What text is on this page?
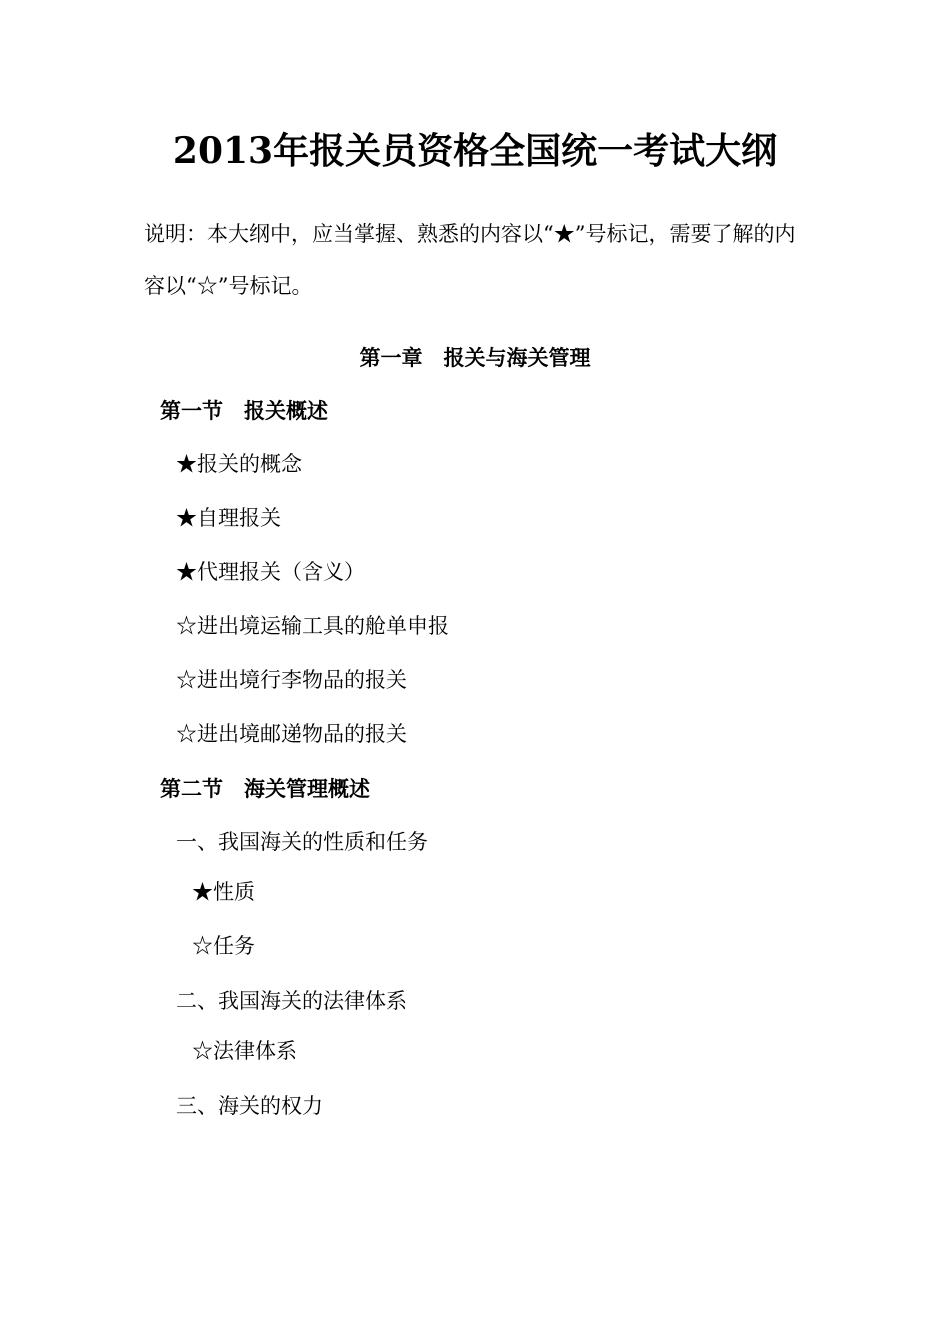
2013年报关员资格全国统一考试大纲
说明：本大纲中，应当掌握、熟悉的内容以“★”号标记，需要了解的内容以“☆”号标记。
第一章　报关与海关管理
第一节　报关概述
★报关的概念
★自理报关
★代理报关（含义）
☆进出境运输工具的舱单申报
☆进出境行李物品的报关
☆进出境邮递物品的报关
第二节　海关管理概述
一、我国海关的性质和任务
★性质
☆任务
二、我国海关的法律体系
☆法律体系
三、海关的权力
